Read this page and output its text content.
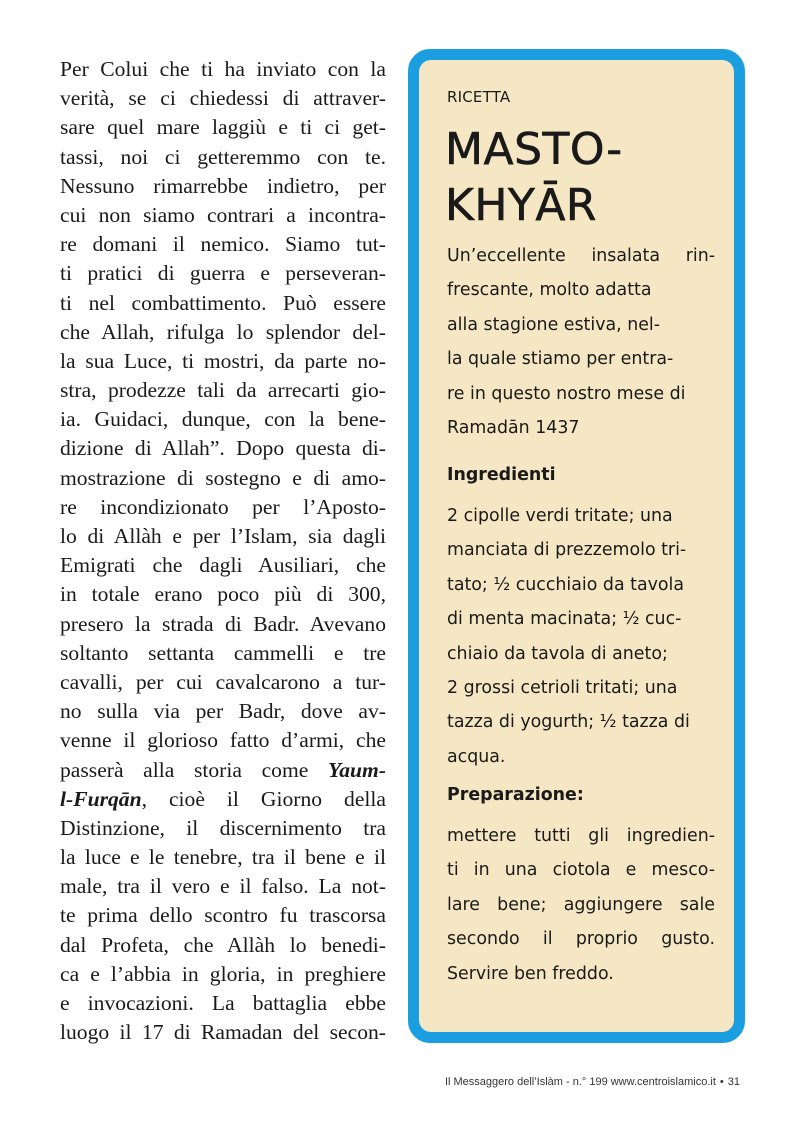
Per Colui che ti ha inviato con la
verità, se ci chiedessi di attraver-
sare quel mare laggiù e ti ci get-
tassi, noi ci getteremmo con te.
Nessuno rimarrebbe indietro, per
cui non siamo contrari a incontra-
re domani il nemico. Siamo tut-
ti pratici di guerra e perseveran-
ti nel combattimento. Può essere
che Allah, rifulga lo splendor del-
la sua Luce, ti mostri, da parte no-
stra, prodezze tali da arrecarti gio-
ia. Guidaci, dunque, con la bene-
dizione di Allah”. Dopo questa di-
mostrazione di sostegno e di amo-
re incondizionato per l’Aposto-
lo di Allàh e per l’Islam, sia dagli
Emigrati che dagli Ausiliari, che
in totale erano poco più di 300,
presero la strada di Badr. Avevano
soltanto settanta cammelli e tre
cavalli, per cui cavalcarono a tur-
no sulla via per Badr, dove av-
venne il glorioso fatto d’armi, che
passerà alla storia come Yaum-
l-Furqān, cioè il Giorno della
Distinzione, il discernimento tra
la luce e le tenebre, tra il bene e il
male, tra il vero e il falso. La not-
te prima dello scontro fu trascorsa
dal Profeta, che Allàh lo benedi-
ca e l’abbia in gloria, in preghiere
e invocazioni. La battaglia ebbe
luogo il 17 di Ramadan del secon-
RICETTA
MASTO-
KHYĀR
Un’eccellente insalata rin-
frescante, molto adatta
alla stagione estiva, nel-
la quale stiamo per entra-
re in questo nostro mese di
Ramadān 1437
Ingredienti
2 cipolle verdi tritate; una
manciata di prezzemolo tri-
tato; ½ cucchiaio da tavola
di menta macinata; ½ cuc-
chiaio da tavola di aneto;
2 grossi cetrioli tritati; una
tazza di yogurth; ½ tazza di
acqua.
Preparazione:
mettere tutti gli ingredien-
ti in una ciotola e mesco-
lare bene; aggiungere sale
secondo il proprio gusto.
Servire ben freddo.
Il Messaggero dell’Islàm - n.° 199 www.centroislamico.it • 31
